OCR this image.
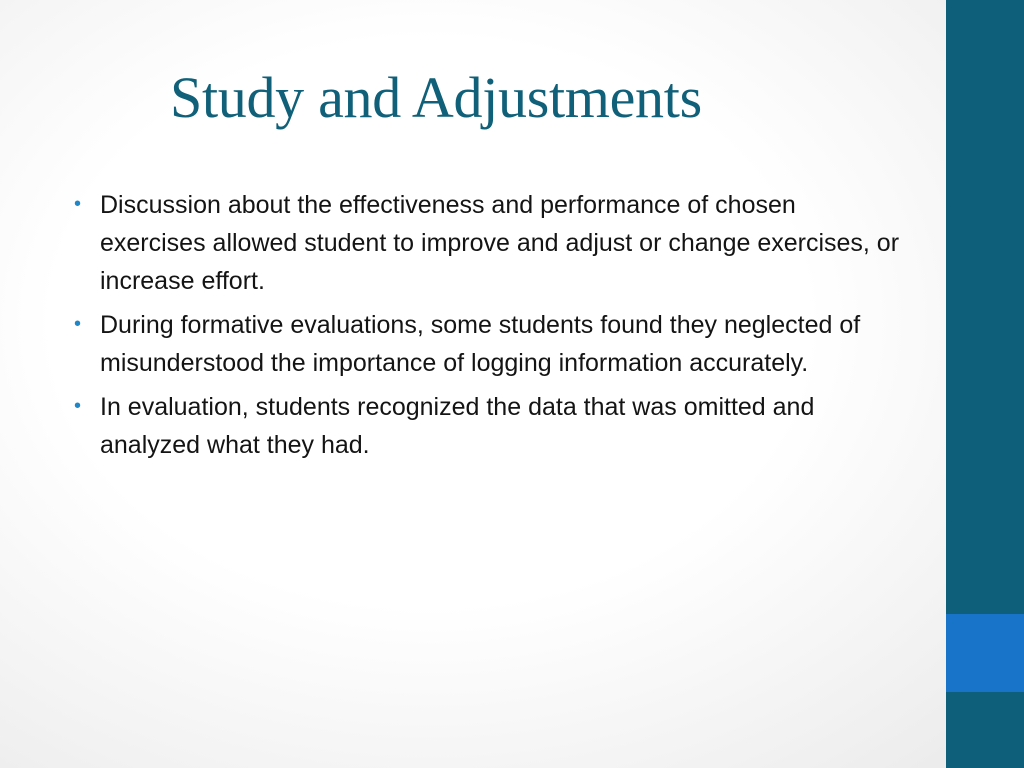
Study and Adjustments
• Discussion about the effectiveness and performance of chosen exercises allowed student to improve and adjust or change exercises, or increase effort.
• During formative evaluations, some students found they neglected of misunderstood the importance of logging information accurately.
• In evaluation, students recognized the data that was omitted and analyzed what they had.
